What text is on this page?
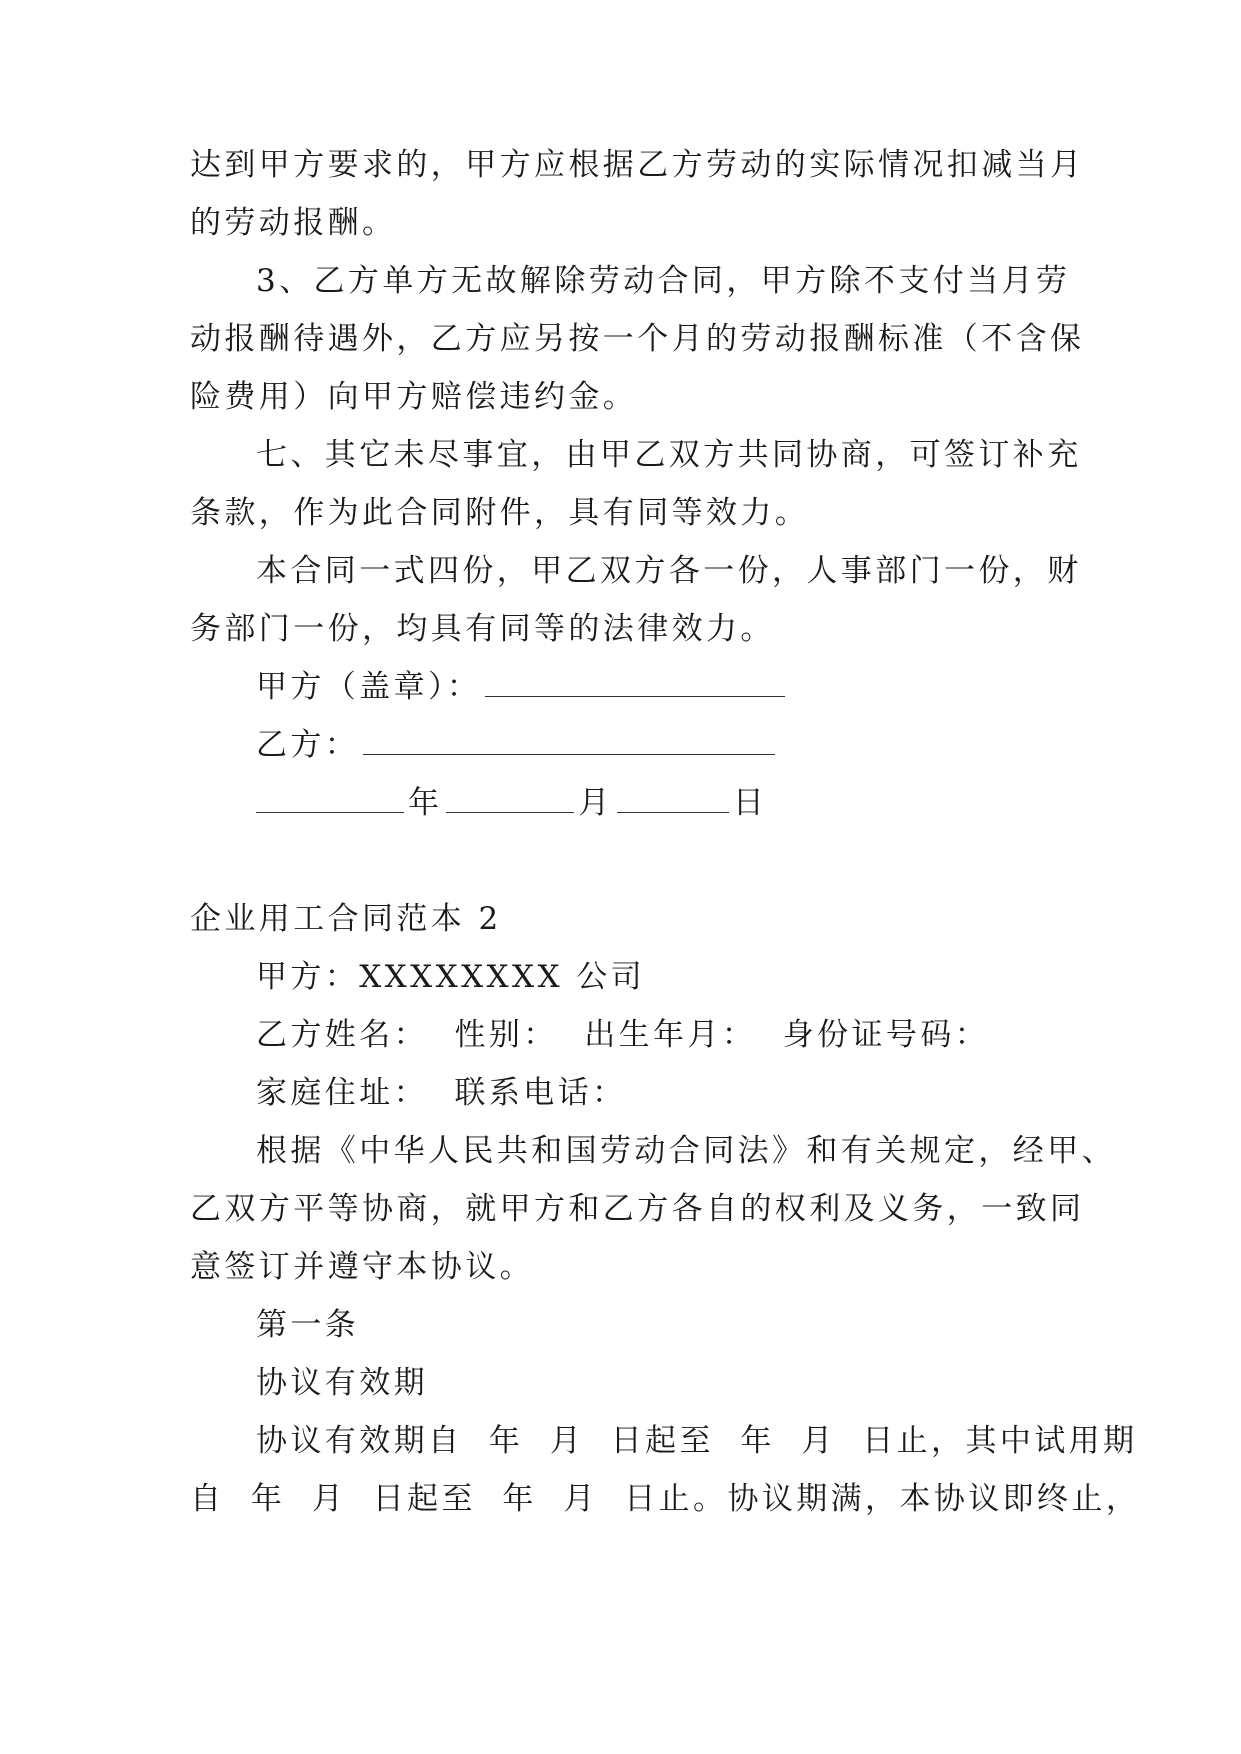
达到甲方要求的，甲方应根据乙方劳动的实际情况扣减当月
的劳动报酬。
3、乙方单方无故解除劳动合同，甲方除不支付当月劳
动报酬待遇外，乙方应另按一个月的劳动报酬标准（不含保
险费用）向甲方赔偿违约金。
七、其它未尽事宜，由甲乙双方共同协商，可签订补充
条款，作为此合同附件，具有同等效力。
本合同一式四份，甲乙双方各一份，人事部门一份，财
务部门一份，均具有同等的法律效力。
甲方（盖章）：
乙方：
年	月	日
企业用工合同范本 2
甲方：XXXXXXXX 公司
乙方姓名：  性别：  出生年月：  身份证号码：
家庭住址：  联系电话：
根据《中华人民共和国劳动合同法》和有关规定，经甲、
乙双方平等协商，就甲方和乙方各自的权利及义务，一致同
意签订并遵守本协议。
第一条
协议有效期
协议有效期自  年  月  日起至  年  月  日止，其中试用期
自  年  月  日起至  年  月  日止。协议期满，本协议即终止，
